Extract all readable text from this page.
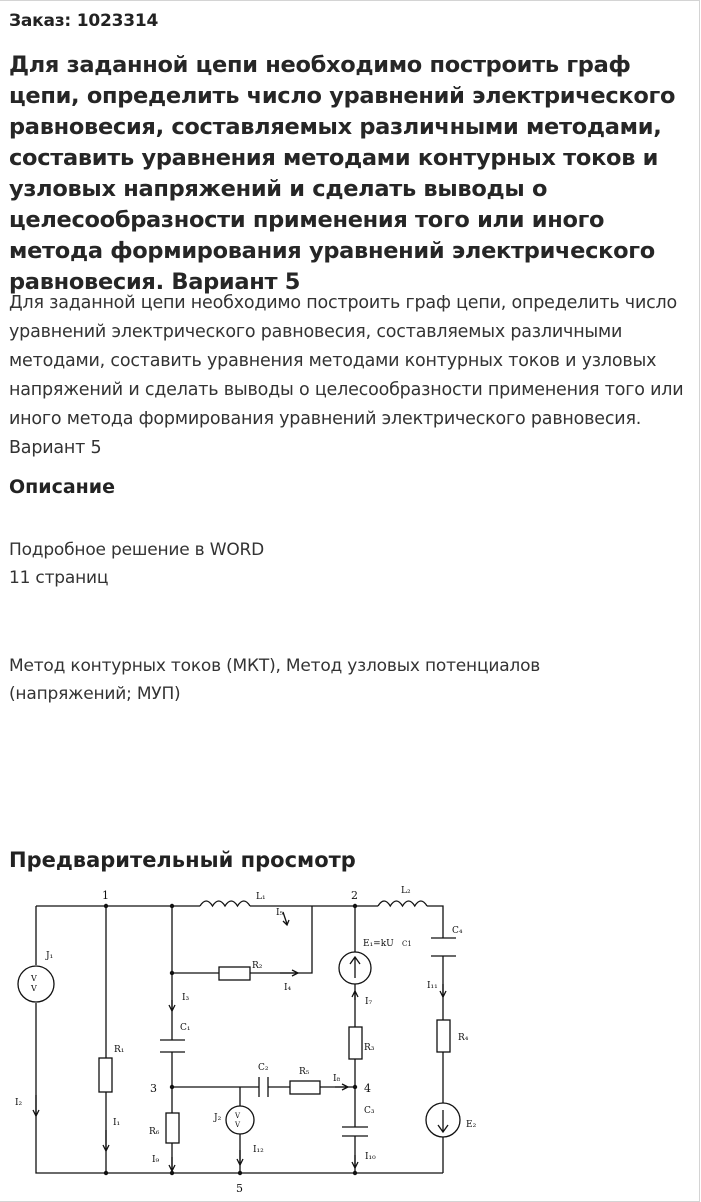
Заказ: 1023314
Для заданной цепи необходимо построить граф цепи, определить число уравнений электрического равновесия, составляемых различными методами, составить уравнения методами контурных токов и узловых напряжений и сделать выводы о целесообразности применения того или иного метода формирования уравнений электрического равновесия. Вариант 5

Для заданной цепи необходимо построить граф цепи, определить число уравнений электрического равновесия, составляемых различными методами, составить уравнения методами контурных токов и узловых напряжений и сделать выводы о целесообразности применения того или иного метода формирования уравнений электрического равновесия. Вариант 5

Описание
Подробное решение в WORD
11 страниц

Метод контурных токов (МКТ), Метод узловых потенциалов (напряжений; МУП)

Предварительный просмотр
1	2
3	4
5
L₁
L₂
C₁
C₂
C₃
C₄
R₁
R₂
R₃
R₄
R₅
R₆
J₁
J₂
E₁=kU C1
E₂
I₁
I₂
I₃
I₄
I₅
I₇
I₈
I₉	I₁₀
I₁₁
I₁₂
V
V
V
V
